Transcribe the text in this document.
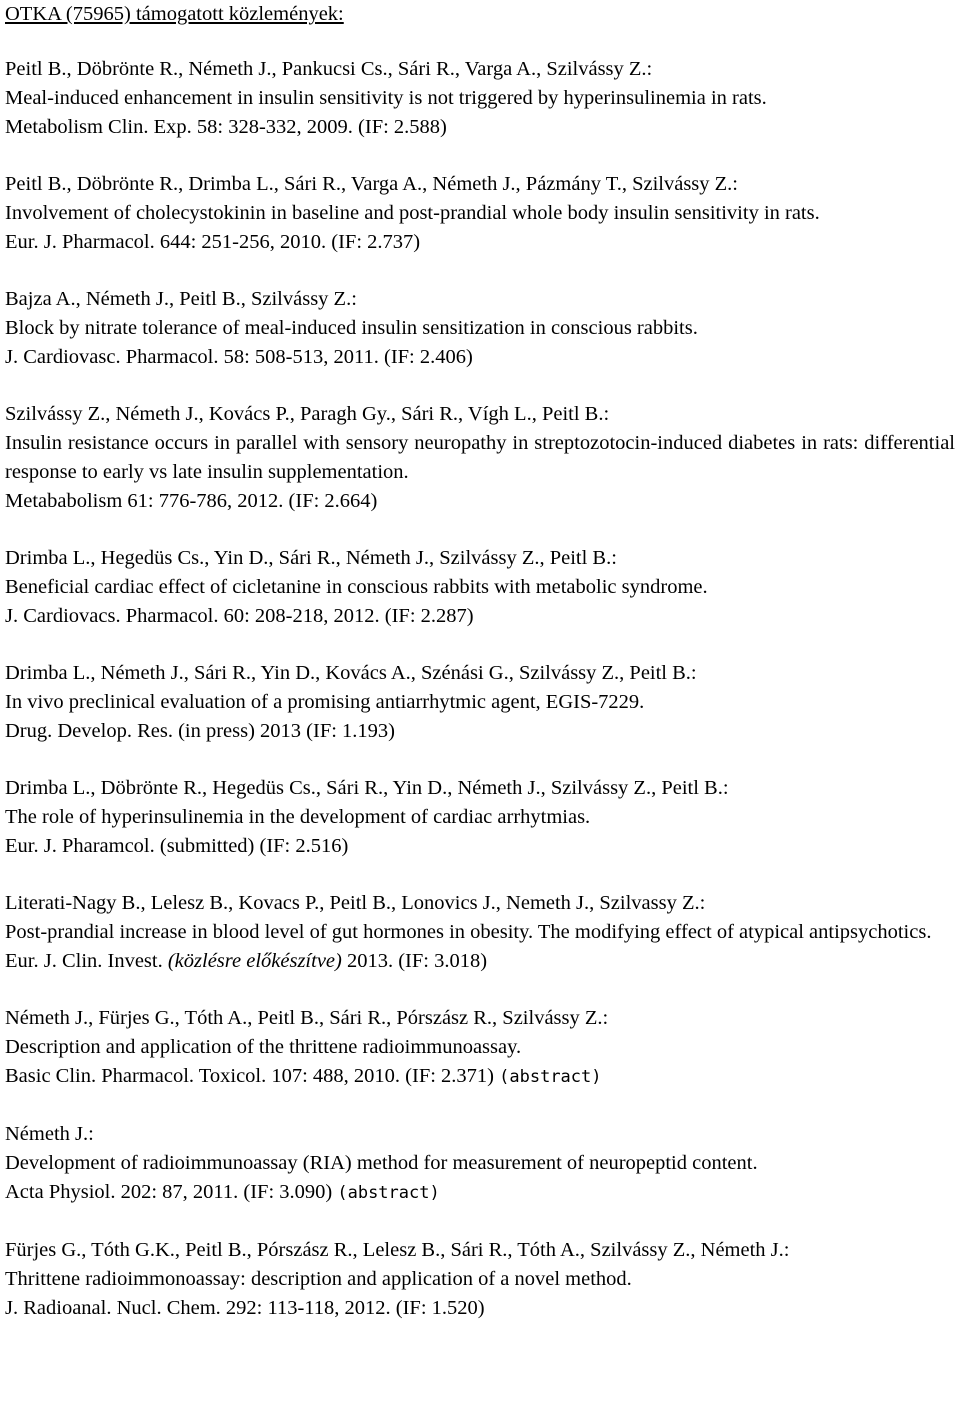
OTKA (75965) támogatott közlemények:

Peitl B., Döbrönte R., Németh J., Pankucsi Cs., Sári R., Varga A., Szilvássy Z.:

Meal-induced enhancement in insulin sensitivity is not triggered by hyperinsulinemia in rats.

Metabolism Clin. Exp. 58: 328-332, 2009. (IF: 2.588)

Peitl B., Döbrönte R., Drimba L., Sári R., Varga A., Németh J., Pázmány T., Szilvássy Z.:

Involvement of cholecystokinin in baseline and post-prandial whole body insulin sensitivity in rats.

Eur. J. Pharmacol. 644: 251-256, 2010. (IF: 2.737)

Bajza A., Németh J., Peitl B., Szilvássy Z.:

Block by nitrate tolerance of meal-induced insulin sensitization in conscious rabbits.

J. Cardiovasc. Pharmacol. 58: 508-513, 2011. (IF: 2.406)

Szilvássy Z., Németh J., Kovács P., Paragh Gy., Sári R., Vígh L., Peitl B.:

Insulin resistance occurs in parallel with sensory neuropathy in streptozotocin-induced diabetes in rats: differential response to early vs late insulin supplementation.

Metababolism 61: 776-786, 2012. (IF: 2.664)

Drimba L., Hegedüs Cs., Yin D., Sári R., Németh J., Szilvássy Z., Peitl B.:

Beneficial cardiac effect of cicletanine in conscious rabbits with metabolic syndrome.

J. Cardiovacs. Pharmacol. 60: 208-218, 2012. (IF: 2.287)

Drimba L., Németh J., Sári R., Yin D., Kovács A., Szénási G., Szilvássy Z., Peitl B.:

In vivo preclinical evaluation of a promising antiarrhytmic agent, EGIS-7229.

Drug. Develop. Res. (in press) 2013 (IF: 1.193)

Drimba L., Döbrönte R., Hegedüs Cs., Sári R., Yin D., Németh J., Szilvássy Z., Peitl B.:

The role of hyperinsulinemia in the development of cardiac arrhytmias.

Eur. J. Pharamcol. (submitted) (IF: 2.516)

Literati-Nagy B., Lelesz B., Kovacs P., Peitl B., Lonovics J., Nemeth J., Szilvassy Z.:

Post-prandial increase in blood level of gut hormones in obesity. The modifying effect of atypical antipsychotics.

Eur. J. Clin. Invest. (közlésre előkészítve) 2013. (IF: 3.018)

Németh J., Fürjes G., Tóth A., Peitl B., Sári R., Pórszász R., Szilvássy Z.:

Description and application of the thrittene radioimmunoassay.

Basic Clin. Pharmacol. Toxicol. 107: 488, 2010. (IF: 2.371) (abstract)

Németh J.:

Development of radioimmunoassay (RIA) method for measurement of neuropeptid content.

Acta Physiol. 202: 87, 2011. (IF: 3.090) (abstract)

Fürjes G., Tóth G.K., Peitl B., Pórszász R., Lelesz B., Sári R., Tóth A., Szilvássy Z., Németh J.:

Thrittene radioimmonoassay: description and application of a novel method.

J. Radioanal. Nucl. Chem. 292: 113-118, 2012. (IF: 1.520)
